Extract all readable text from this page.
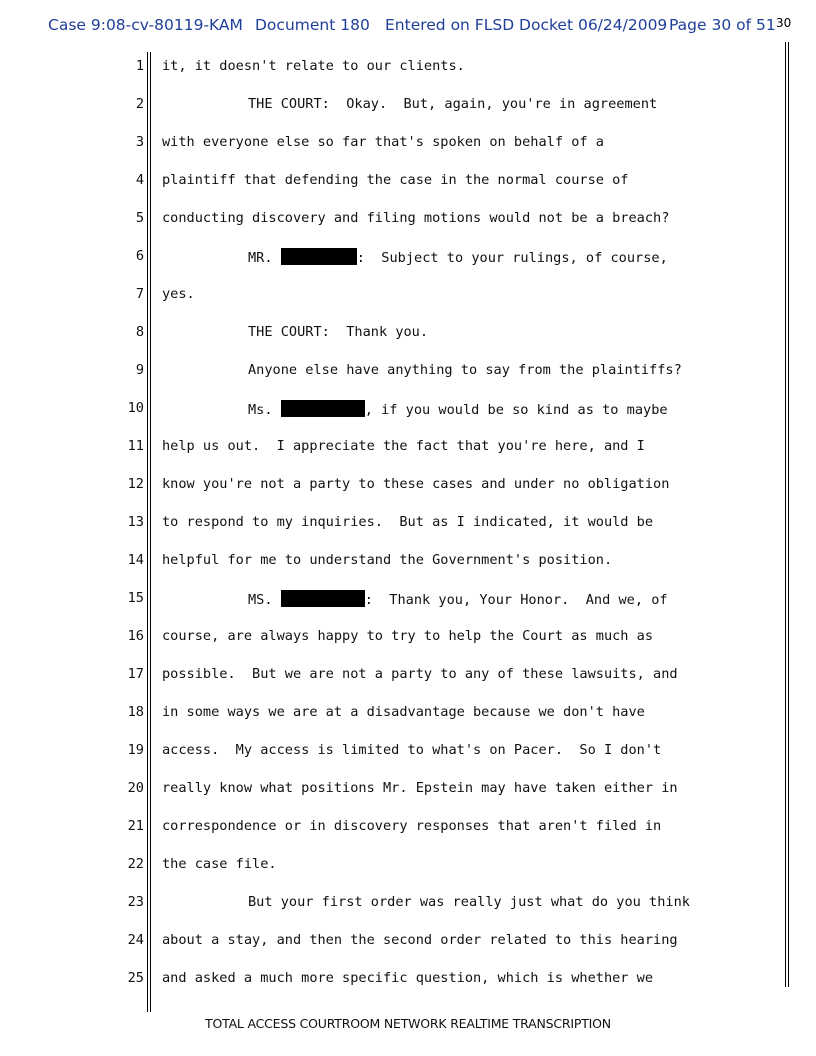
Case 9:08-cv-80119-KAM Document 180 Entered on FLSD Docket 06/24/2009 Page 30 of 51 30
1 it, it doesn't relate to our clients.
2	THE COURT:  Okay.  But, again, you're in agreement
3 with everyone else so far that's spoken on behalf of a
4 plaintiff that defending the case in the normal course of
5 conducting discovery and filing motions would not be a breach?
6	MR.	:  Subject to your rulings, of course,
7 yes.
8	THE COURT:  Thank you.
9	Anyone else have anything to say from the plaintiffs?
10	Ms.	, if you would be so kind as to maybe
11 help us out.  I appreciate the fact that you're here, and I
12 know you're not a party to these cases and under no obligation
13 to respond to my inquiries.  But as I indicated, it would be
14 helpful for me to understand the Government's position.
15	MS.	:  Thank you, Your Honor.  And we, of
16 course, are always happy to try to help the Court as much as
17 possible.  But we are not a party to any of these lawsuits, and
18 in some ways we are at a disadvantage because we don't have
19 access.  My access is limited to what's on Pacer.  So I don't
20 really know what positions Mr. Epstein may have taken either in
21 correspondence or in discovery responses that aren't filed in
22 the case file.
23	But your first order was really just what do you think
24 about a stay, and then the second order related to this hearing
25 and asked a much more specific question, which is whether we
TOTAL ACCESS COURTROOM NETWORK REALTIME TRANSCRIPTION
